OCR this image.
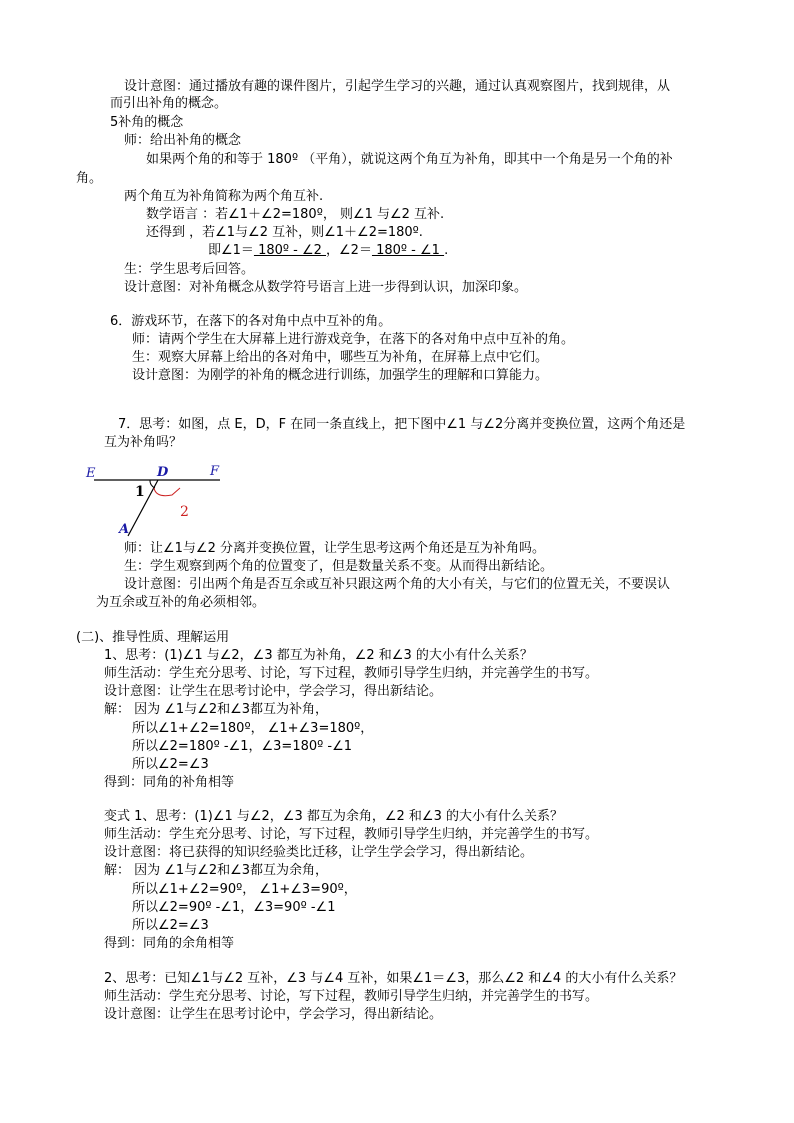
设计意图：通过播放有趣的课件图片，引起学生学习的兴趣，通过认真观察图片，找到规律，从
而引出补角的概念。
5补角的概念
师：给出补角的概念
如果两个角的和等于 180º （平角），就说这两个角互为补角，即其中一个角是另一个角的补
角。
两个角互为补角简称为两个角互补.
数学语言 ：若∠1＋∠2=180º， 则∠1 与∠2 互补.
还得到 ，若∠1与∠2 互补，则∠1＋∠2=180º.
即∠1＝ 180º - ∠2 ，∠2＝ 180º - ∠1 .
生：学生思考后回答。
设计意图：对补角概念从数学符号语言上进一步得到认识，加深印象。
6．游戏环节，在落下的各对角中点中互补的角。
师：请两个学生在大屏幕上进行游戏竞争，在落下的各对角中点中互补的角。
生：观察大屏幕上给出的各对角中，哪些互为补角，在屏幕上点中它们。
设计意图：为刚学的补角的概念进行训练，加强学生的理解和口算能力。
7．思考：如图，点 E，D，F 在同一条直线上，把下图中∠1 与∠2分离并变换位置，这两个角还是
互为补角吗？
E	D	F
A
1
2
师：让∠1与∠2 分离并变换位置，让学生思考这两个角还是互为补角吗。
生：学生观察到两个角的位置变了，但是数量关系不变。从而得出新结论。
设计意图：引出两个角是否互余或互补只跟这两个角的大小有关，与它们的位置无关，不要误认
为互余或互补的角必须相邻。
(二)、推导性质、理解运用
1、思考：(1)∠1 与∠2，∠3 都互为补角，∠2 和∠3 的大小有什么关系？
师生活动：学生充分思考、讨论，写下过程，教师引导学生归纳，并完善学生的书写。
设计意图：让学生在思考讨论中，学会学习，得出新结论。
解： 因为 ∠1与∠2和∠3都互为补角，
所以∠1+∠2=180º， ∠1+∠3=180º，
所以∠2=180º -∠1，∠3=180º -∠1
所以∠2=∠3
得到：同角的补角相等
变式 1、思考：(1)∠1 与∠2，∠3 都互为余角，∠2 和∠3 的大小有什么关系？
师生活动：学生充分思考、讨论，写下过程，教师引导学生归纳，并完善学生的书写。
设计意图：将已获得的知识经验类比迁移，让学生学会学习，得出新结论。
解： 因为 ∠1与∠2和∠3都互为余角，
所以∠1+∠2=90º， ∠1+∠3=90º，
所以∠2=90º -∠1，∠3=90º -∠1
所以∠2=∠3
得到：同角的余角相等
2、思考：已知∠1与∠2 互补，∠3 与∠4 互补，如果∠1＝∠3，那么∠2 和∠4 的大小有什么关系？
师生活动：学生充分思考、讨论，写下过程，教师引导学生归纳，并完善学生的书写。
设计意图：让学生在思考讨论中，学会学习，得出新结论。
